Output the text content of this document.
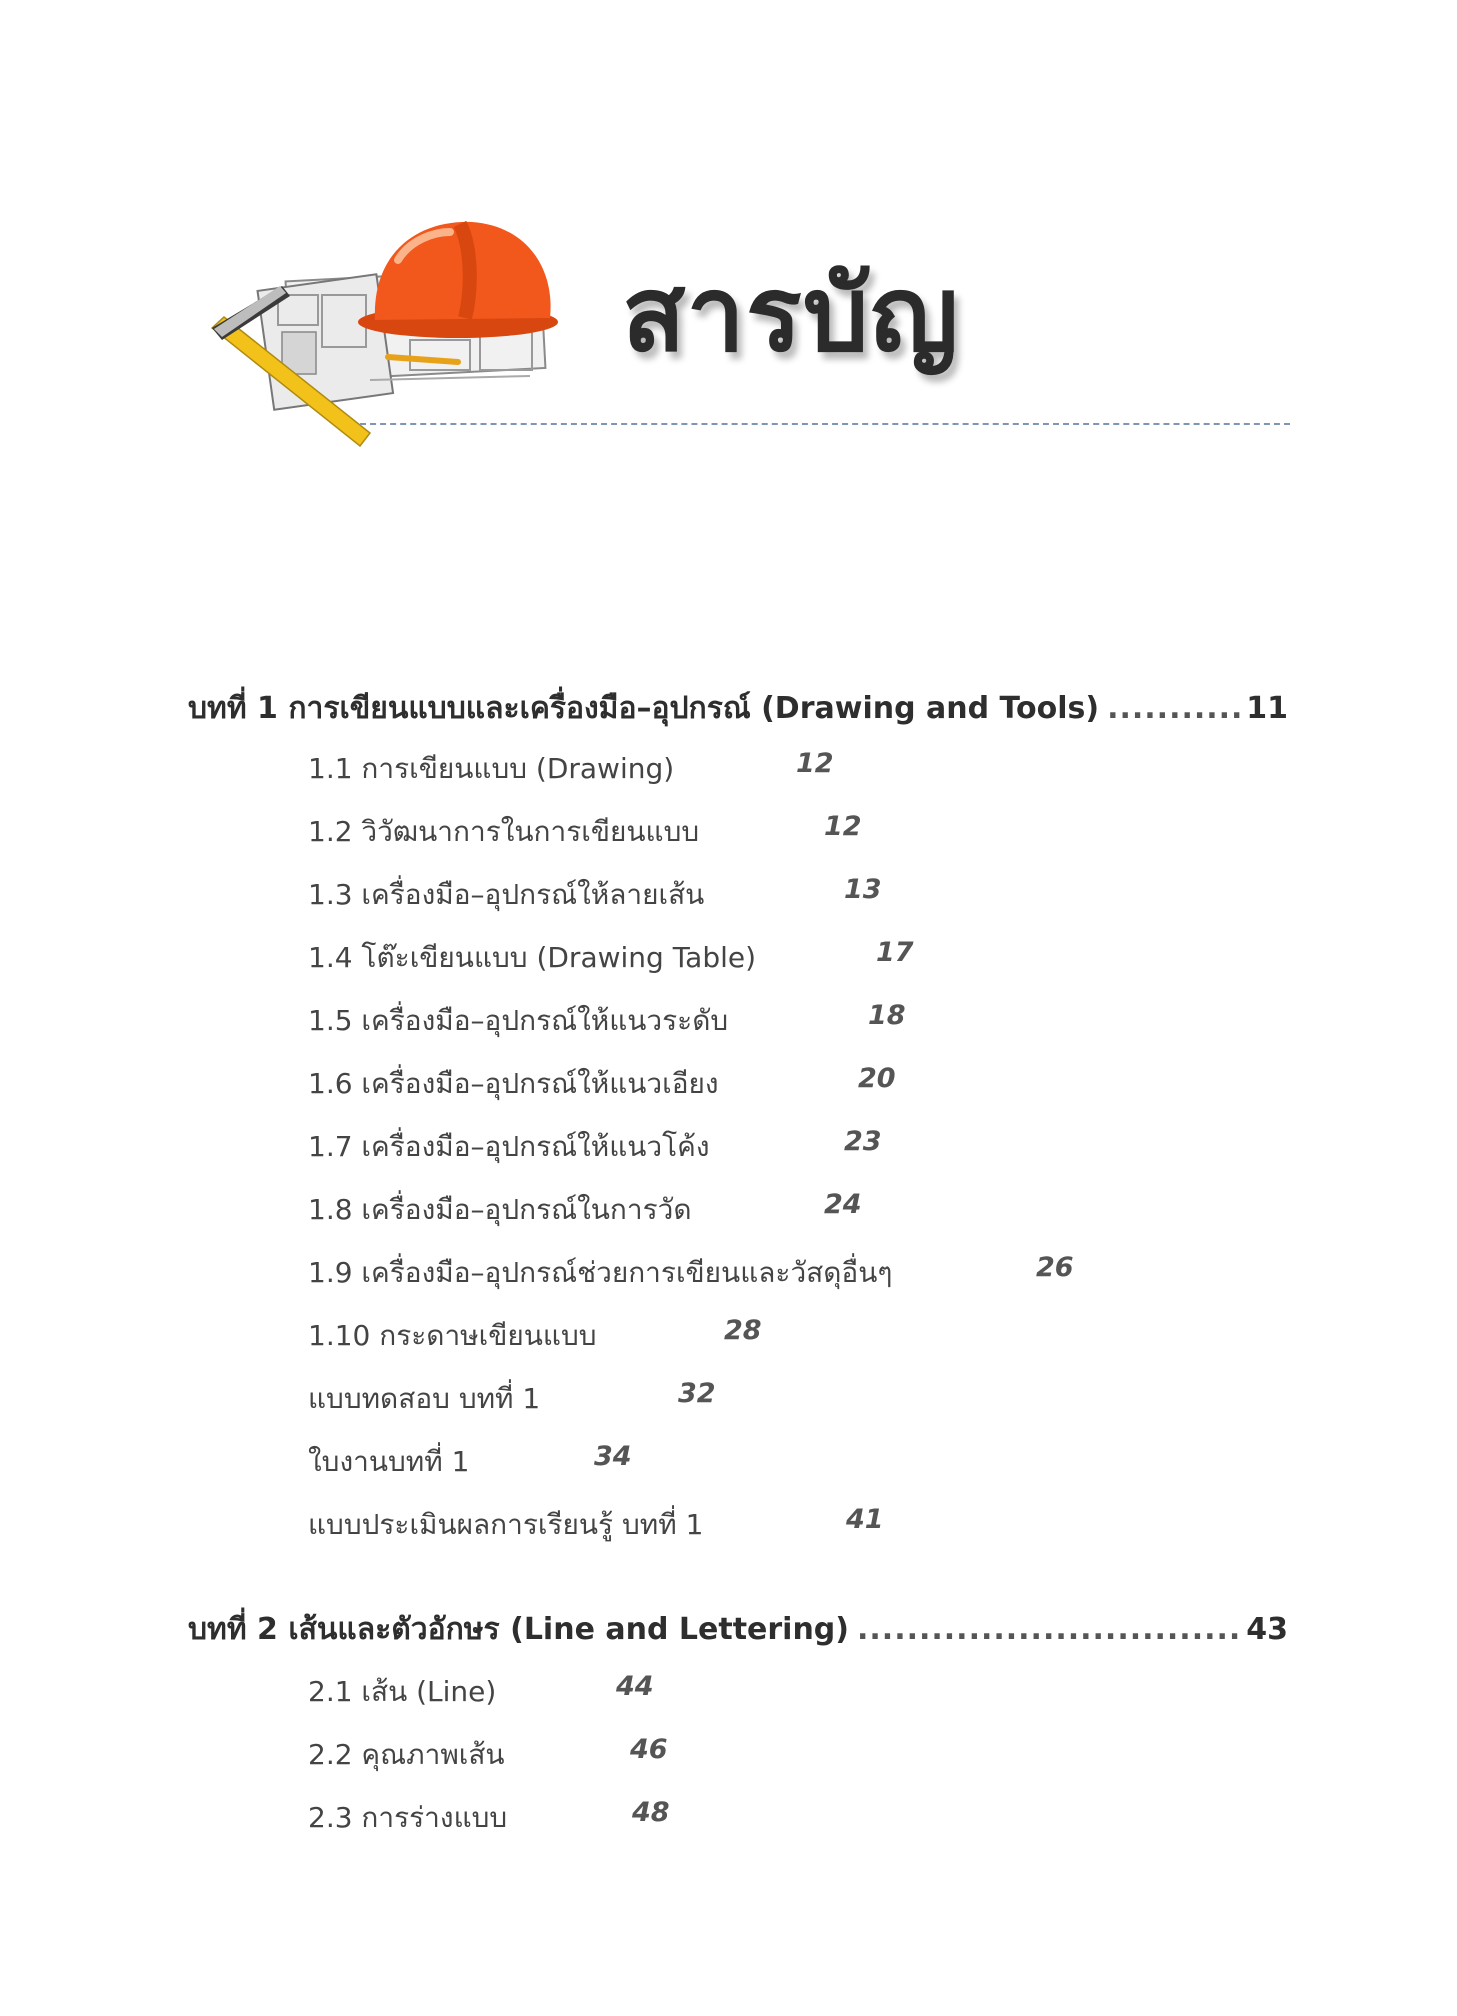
สารบัญ
บทที่ 1 การเขียนแบบและเครื่องมือ–อุปกรณ์ (Drawing and Tools) .....	11
1.1 การเขียนแบบ (Drawing)	12
1.2 วิวัฒนาการในการเขียนแบบ	12
1.3 เครื่องมือ–อุปกรณ์ให้ลายเส้น	13
1.4 โต๊ะเขียนแบบ (Drawing Table)	17
1.5 เครื่องมือ–อุปกรณ์ให้แนวระดับ	18
1.6 เครื่องมือ–อุปกรณ์ให้แนวเอียง	20
1.7 เครื่องมือ–อุปกรณ์ให้แนวโค้ง	23
1.8 เครื่องมือ–อุปกรณ์ในการวัด	24
1.9 เครื่องมือ–อุปกรณ์ช่วยการเขียนและวัสดุอื่นๆ	26
1.10 กระดาษเขียนแบบ	28
แบบทดสอบ บทที่ 1	32
ใบงานบทที่ 1	34
แบบประเมินผลการเรียนรู้ บทที่ 1	41
บทที่ 2 เส้นและตัวอักษร (Line and Lettering) .....	43
2.1 เส้น (Line)	44
2.2 คุณภาพเส้น	46
2.3 การร่างแบบ	48
